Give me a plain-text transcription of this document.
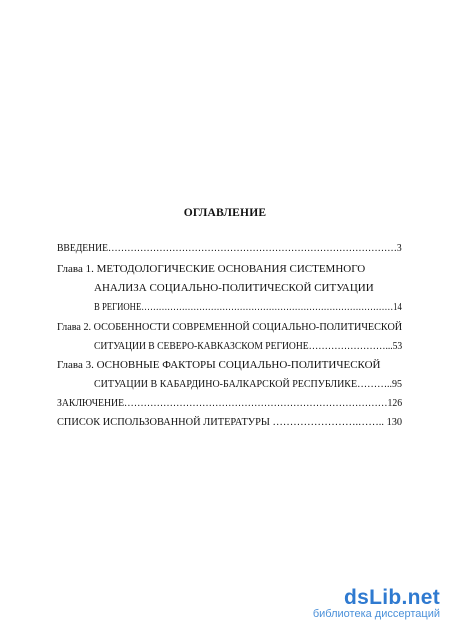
ОГЛАВЛЕНИЕ
ВВЕДЕНИЕ………………………………………………………………………………3
Глава 1. МЕТОДОЛОГИЧЕСКИЕ ОСНОВАНИЯ СИСТЕМНОГО
АНАЛИЗА СОЦИАЛЬНО-ПОЛИТИЧЕСКОЙ СИТУАЦИИ
В РЕГИОНЕ……………………………………………………………………………14
Глава 2. ОСОБЕННОСТИ СОВРЕМЕННОЙ СОЦИАЛЬНО-ПОЛИТИЧЕСКОЙ
СИТУАЦИИ В СЕВЕРО-КАВКАЗСКОМ РЕГИОНЕ……………………...53
Глава 3. ОСНОВНЫЕ ФАКТОРЫ СОЦИАЛЬНО-ПОЛИТИЧЕСКОЙ
СИТУАЦИИ В КАБАРДИНО-БАЛКАРСКОЙ РЕСПУБЛИКЕ………..95
ЗАКЛЮЧЕНИЕ………………………………………………………………………126
СПИСОК ИСПОЛЬЗОВАННОЙ ЛИТЕРАТУРЫ …………………….…….. 130
dsLib.net
библиотека диссертаций
